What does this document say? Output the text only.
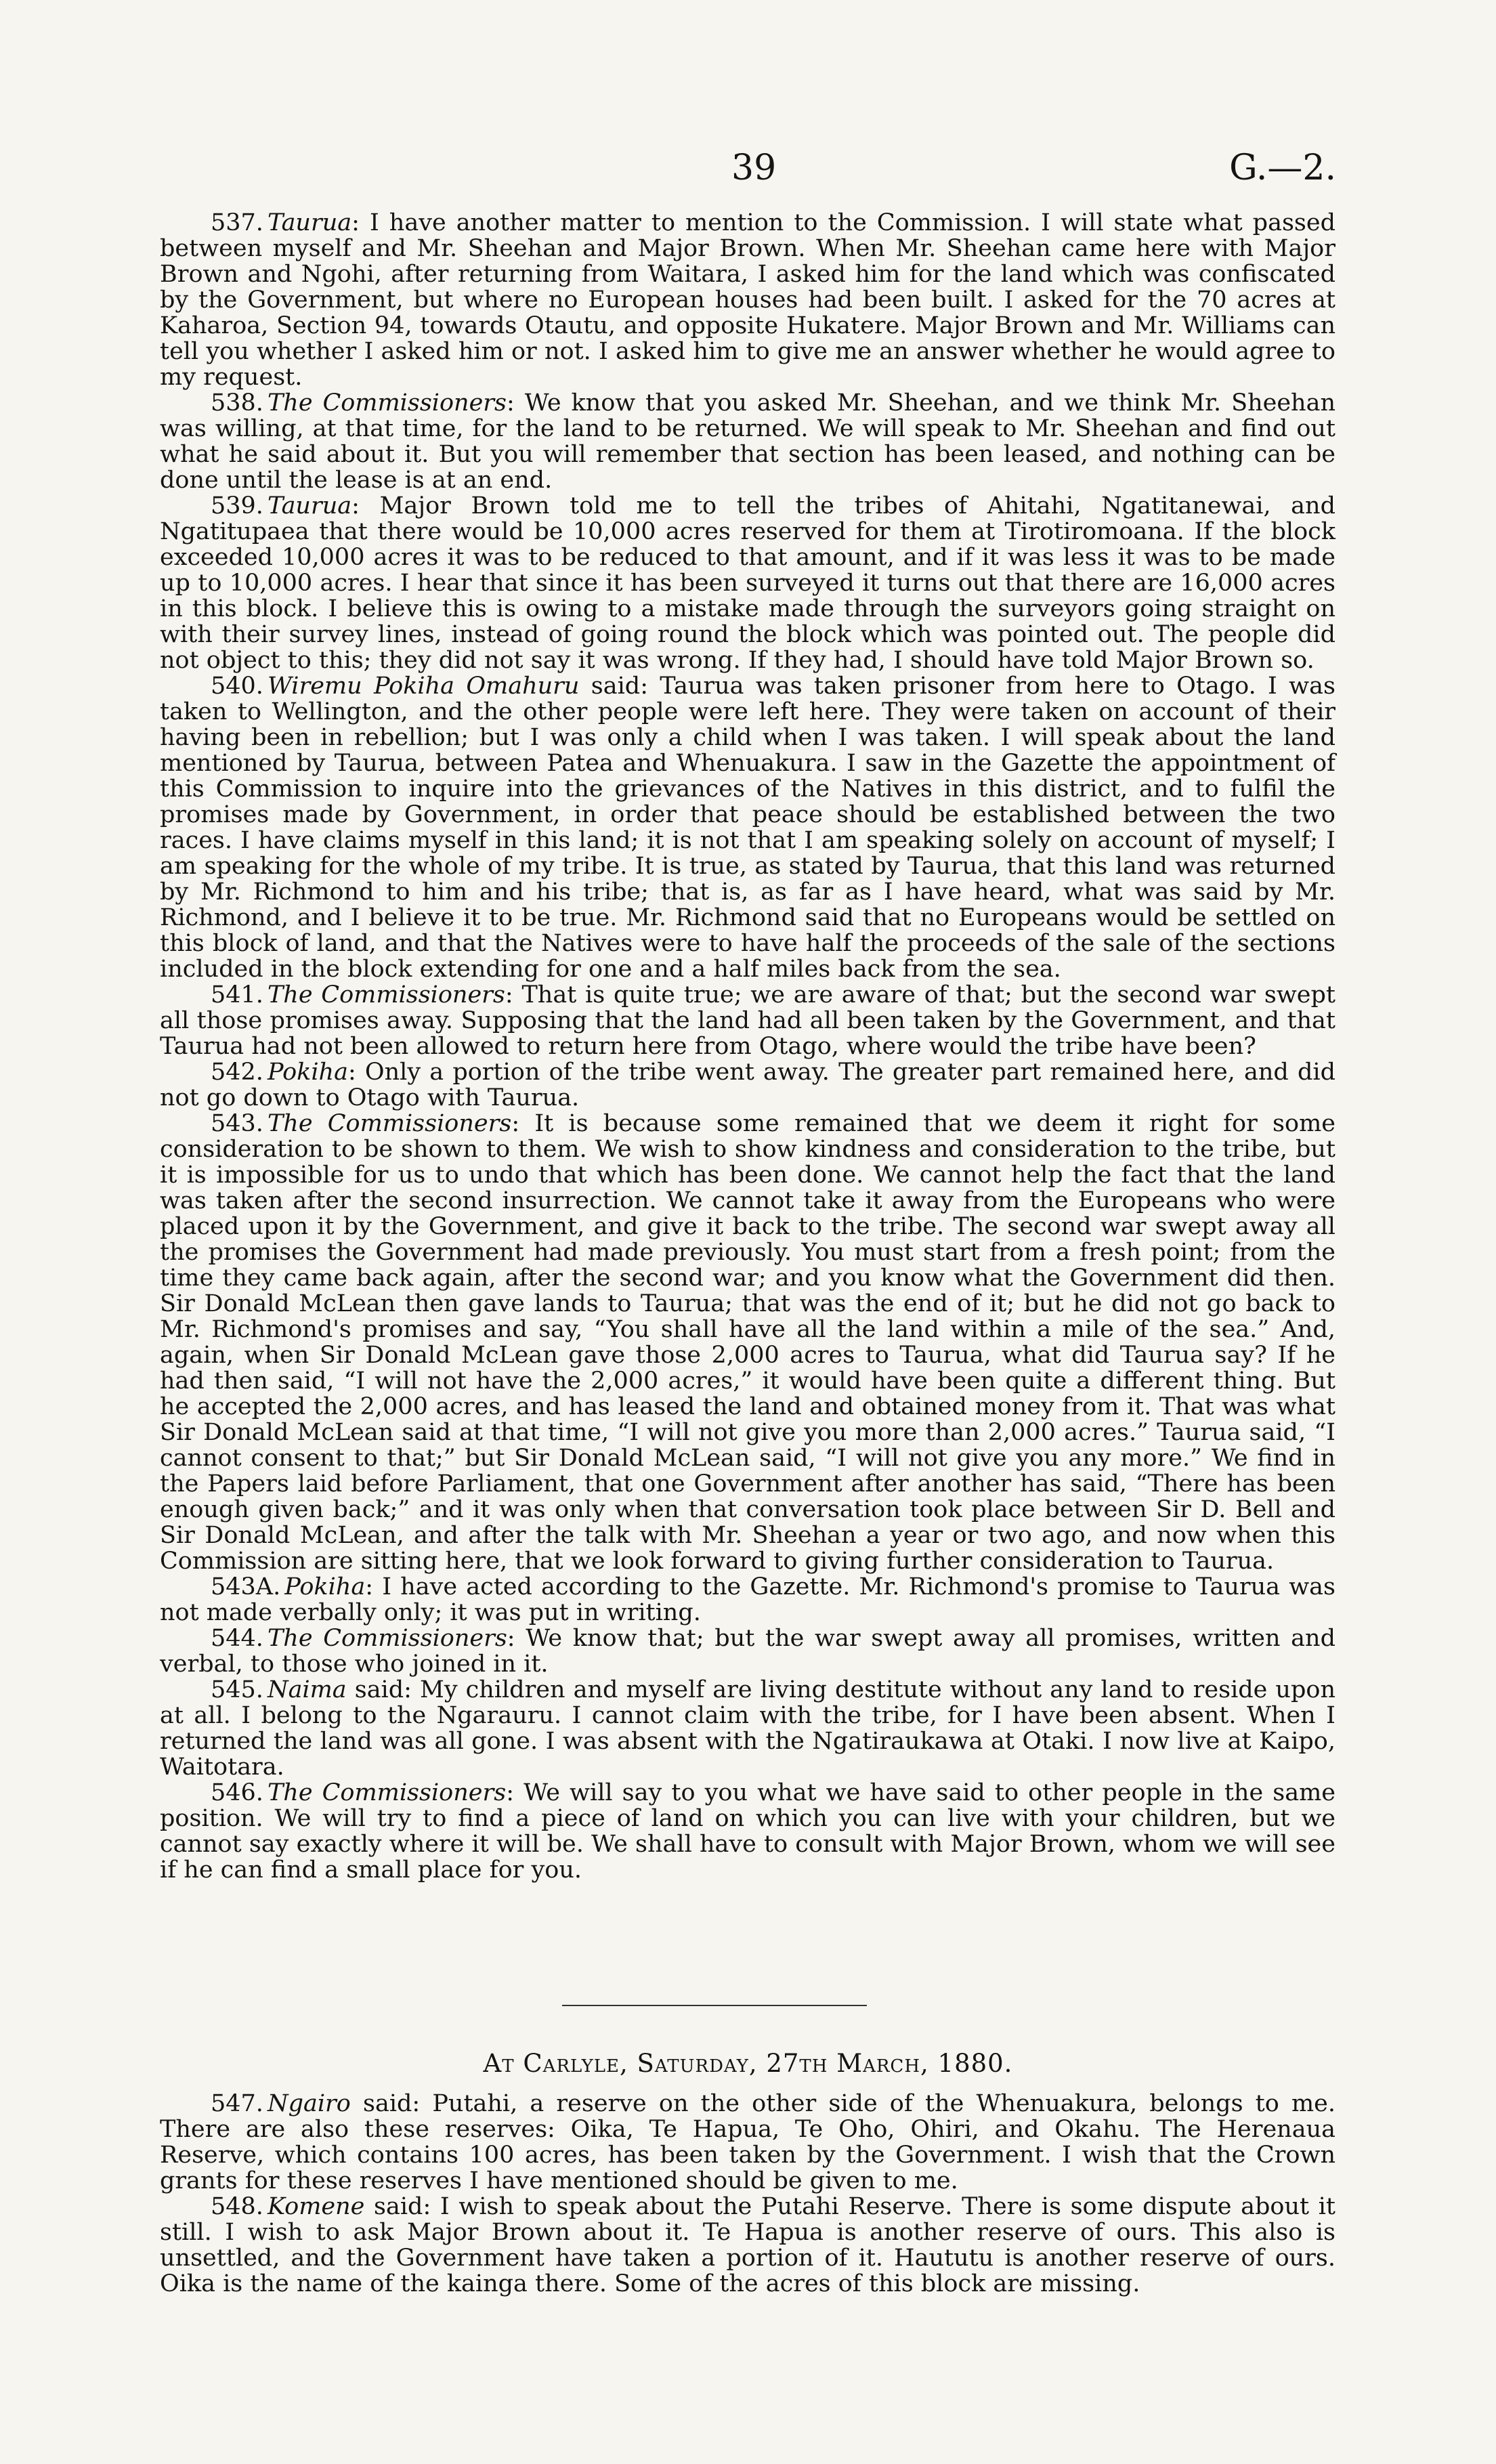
39	G.—2.

537. Taurua: I have another matter to mention to the Commission. I will state what passed between myself and Mr. Sheehan and Major Brown. When Mr. Sheehan came here with Major Brown and Ngohi, after returning from Waitara, I asked him for the land which was confiscated by the Government, but where no European houses had been built. I asked for the 70 acres at Kaharoa, Section 94, towards Otautu, and opposite Hukatere. Major Brown and Mr. Williams can tell you whether I asked him or not. I asked him to give me an answer whether he would agree to my request.

538. The Commissioners: We know that you asked Mr. Sheehan, and we think Mr. Sheehan was willing, at that time, for the land to be returned. We will speak to Mr. Sheehan and find out what he said about it. But you will remember that section has been leased, and nothing can be done until the lease is at an end.

539. Taurua: Major Brown told me to tell the tribes of Ahitahi, Ngatitanewai, and Ngatitupaea that there would be 10,000 acres reserved for them at Tirotiromoana. If the block exceeded 10,000 acres it was to be reduced to that amount, and if it was less it was to be made up to 10,000 acres. I hear that since it has been surveyed it turns out that there are 16,000 acres in this block. I believe this is owing to a mistake made through the surveyors going straight on with their survey lines, instead of going round the block which was pointed out. The people did not object to this; they did not say it was wrong. If they had, I should have told Major Brown so.

540. Wiremu Pokiha Omahuru said: Taurua was taken prisoner from here to Otago. I was taken to Wellington, and the other people were left here. They were taken on account of their having been in rebellion; but I was only a child when I was taken. I will speak about the land mentioned by Taurua, between Patea and Whenuakura. I saw in the Gazette the appointment of this Commission to inquire into the grievances of the Natives in this district, and to fulfil the promises made by Government, in order that peace should be established between the two races. I have claims myself in this land; it is not that I am speaking solely on account of myself; I am speaking for the whole of my tribe. It is true, as stated by Taurua, that this land was returned by Mr. Richmond to him and his tribe; that is, as far as I have heard, what was said by Mr. Richmond, and I believe it to be true. Mr. Richmond said that no Europeans would be settled on this block of land, and that the Natives were to have half the proceeds of the sale of the sections included in the block extending for one and a half miles back from the sea.

541. The Commissioners: That is quite true; we are aware of that; but the second war swept all those promises away. Supposing that the land had all been taken by the Government, and that Taurua had not been allowed to return here from Otago, where would the tribe have been?

542. Pokiha: Only a portion of the tribe went away. The greater part remained here, and did not go down to Otago with Taurua.

543. The Commissioners: It is because some remained that we deem it right for some consideration to be shown to them. We wish to show kindness and consideration to the tribe, but it is impossible for us to undo that which has been done. We cannot help the fact that the land was taken after the second insurrection. We cannot take it away from the Europeans who were placed upon it by the Government, and give it back to the tribe. The second war swept away all the promises the Government had made previously. You must start from a fresh point; from the time they came back again, after the second war; and you know what the Government did then. Sir Donald McLean then gave lands to Taurua; that was the end of it; but he did not go back to Mr. Richmond's promises and say, “You shall have all the land within a mile of the sea.” And, again, when Sir Donald McLean gave those 2,000 acres to Taurua, what did Taurua say? If he had then said, “I will not have the 2,000 acres,” it would have been quite a different thing. But he accepted the 2,000 acres, and has leased the land and obtained money from it. That was what Sir Donald McLean said at that time, “I will not give you more than 2,000 acres.” Taurua said, “I cannot consent to that;” but Sir Donald McLean said, “I will not give you any more.” We find in the Papers laid before Parliament, that one Government after another has said, “There has been enough given back;” and it was only when that conversation took place between Sir D. Bell and Sir Donald McLean, and after the talk with Mr. Sheehan a year or two ago, and now when this Commission are sitting here, that we look forward to giving further consideration to Taurua.

543A. Pokiha: I have acted according to the Gazette. Mr. Richmond's promise to Taurua was not made verbally only; it was put in writing.

544. The Commissioners: We know that; but the war swept away all promises, written and verbal, to those who joined in it.

545. Naima said: My children and myself are living destitute without any land to reside upon at all. I belong to the Ngarauru. I cannot claim with the tribe, for I have been absent. When I returned the land was all gone. I was absent with the Ngatiraukawa at Otaki. I now live at Kaipo, Waitotara.

546. The Commissioners: We will say to you what we have said to other people in the same position. We will try to find a piece of land on which you can live with your children, but we cannot say exactly where it will be. We shall have to consult with Major Brown, whom we will see if he can find a small place for you.

At Carlyle, Saturday, 27th March, 1880.

547. Ngairo said: Putahi, a reserve on the other side of the Whenuakura, belongs to me. There are also these reserves: Oika, Te Hapua, Te Oho, Ohiri, and Okahu. The Herenaua Reserve, which contains 100 acres, has been taken by the Government. I wish that the Crown grants for these reserves I have mentioned should be given to me.

548. Komene said: I wish to speak about the Putahi Reserve. There is some dispute about it still. I wish to ask Major Brown about it. Te Hapua is another reserve of ours. This also is unsettled, and the Government have taken a portion of it. Haututu is another reserve of ours. Oika is the name of the kainga there. Some of the acres of this block are missing.
